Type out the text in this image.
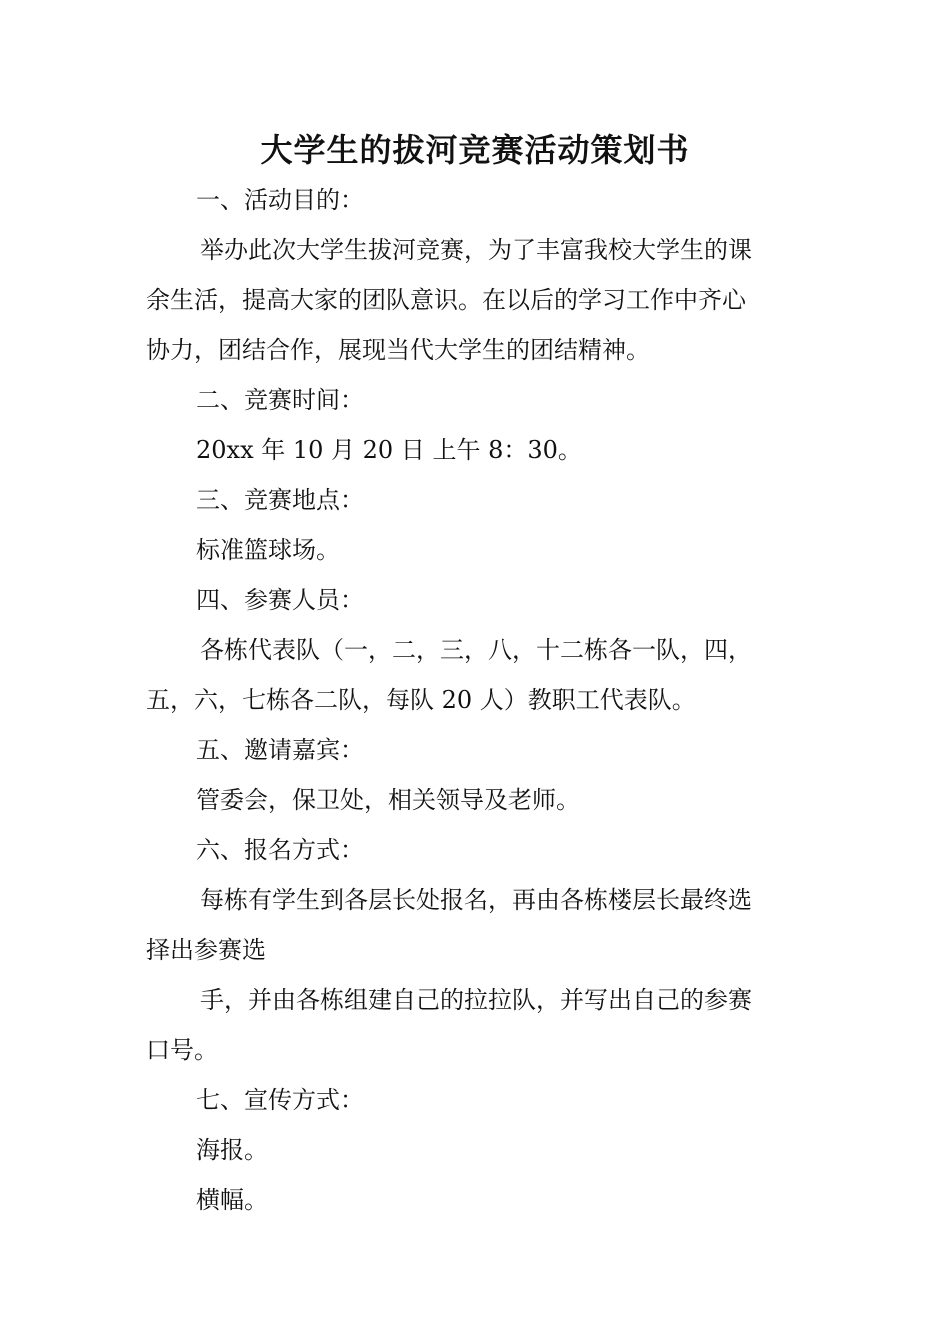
大学生的拔河竞赛活动策划书

一、活动目的：

举办此次大学生拔河竞赛，为了丰富我校大学生的课

余生活，提高大家的团队意识。在以后的学习工作中齐心

协力，团结合作，展现当代大学生的团结精神。

二、竞赛时间：

20xx 年 10 月 20 日 上午 8：30。

三、竞赛地点：

标准篮球场。

四、参赛人员：

各栋代表队（一，二，三，八，十二栋各一队，四，

五，六，七栋各二队，每队 20 人）教职工代表队。

五、邀请嘉宾：

管委会，保卫处，相关领导及老师。

六、报名方式：

每栋有学生到各层长处报名，再由各栋楼层长最终选

择出参赛选

手，并由各栋组建自己的拉拉队，并写出自己的参赛

口号。

七、宣传方式：

海报。

横幅。
